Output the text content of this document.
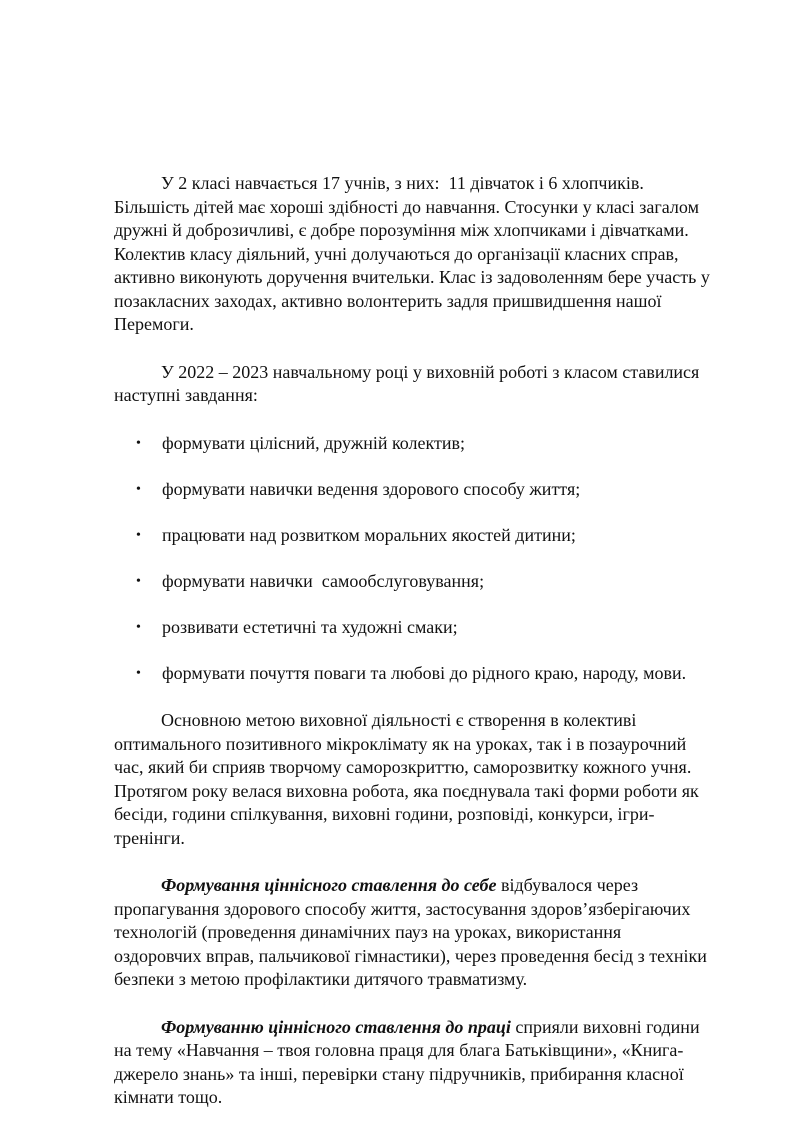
У 2 класі навчається 17 учнів, з них:  11 дівчаток і 6 хлопчиків.
Більшість дітей має хороші здібності до навчання. Стосунки у класі загалом
дружні й доброзичливі, є добре порозуміння між хлопчиками і дівчатками.
Колектив класу діяльний, учні долучаються до організації класних справ,
активно виконують доручення вчительки. Клас із задоволенням бере участь у
позакласних заходах, активно волонтерить задля пришвидшення нашої
Перемоги.
У 2022 – 2023 навчальному році у виховній роботі з класом ставилися
наступні завдання:
• формувати цілісний, дружній колектив;
• формувати навички ведення здорового способу життя;
• працювати над розвитком моральних якостей дитини;
• формувати навички  самообслуговування;
• розвивати естетичні та художні смаки;
• формувати почуття поваги та любові до рідного краю, народу, мови.
Основною метою виховної діяльності є створення в колективі
оптимального позитивного мікроклімату як на уроках, так і в позаурочний
час, який би сприяв творчому саморозкриттю, саморозвитку кожного учня.
Протягом року велася виховна робота, яка поєднувала такі форми роботи як
бесіди, години спілкування, виховні години, розповіді, конкурси, ігри-
тренінги.
Формування ціннісного ставлення до себе відбувалося через
пропагування здорового способу життя, застосування здоров’язберігаючих
технологій (проведення динамічних пауз на уроках, використання
оздоровчих вправ, пальчикової гімнастики), через проведення бесід з техніки
безпеки з метою профілактики дитячого травматизму.
Формуванню ціннісного ставлення до праці сприяли виховні години
на тему «Навчання – твоя головна праця для блага Батьківщини», «Книга-
джерело знань» та інші, перевірки стану підручників, прибирання класної
кімнати тощо.
